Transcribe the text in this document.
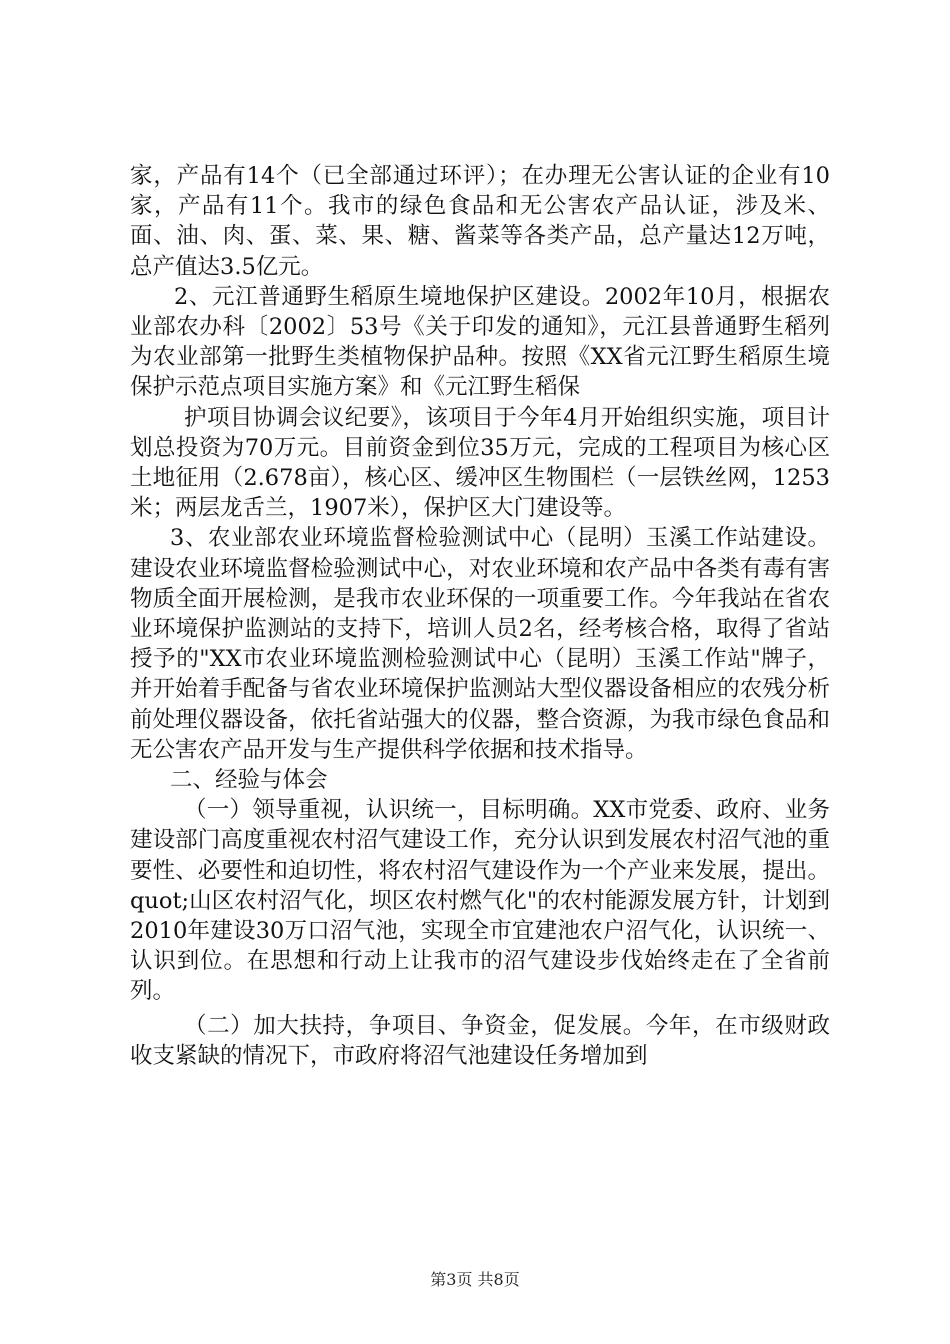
家，产品有14个（已全部通过环评）；在办理无公害认证的企业有10家，产品有11个。我市的绿色食品和无公害农产品认证，涉及米、面、油、肉、蛋、菜、果、糖、酱菜等各类产品，总产量达12万吨，总产值达3.5亿元。

2、元江普通野生稻原生境地保护区建设。2002年10月，根据农业部农办科〔2002〕53号《关于印发的通知》，元江县普通野生稻列为农业部第一批野生类植物保护品种。按照《XX省元江野生稻原生境保护示范点项目实施方案》和《元江野生稻保

护项目协调会议纪要》，该项目于今年4月开始组织实施，项目计划总投资为70万元。目前资金到位35万元，完成的工程项目为核心区土地征用（2.678亩），核心区、缓冲区生物围栏（一层铁丝网，1253米；两层龙舌兰，1907米），保护区大门建设等。

3、农业部农业环境监督检验测试中心（昆明）玉溪工作站建设。建设农业环境监督检验测试中心，对农业环境和农产品中各类有毒有害物质全面开展检测，是我市农业环保的一项重要工作。今年我站在省农业环境保护监测站的支持下，培训人员2名，经考核合格，取得了省站授予的"XX市农业环境监测检验测试中心（昆明）玉溪工作站"牌子，并开始着手配备与省农业环境保护监测站大型仪器设备相应的农残分析前处理仪器设备，依托省站强大的仪器，整合资源，为我市绿色食品和无公害农产品开发与生产提供科学依据和技术指导。

二、经验与体会

（一）领导重视，认识统一，目标明确。XX市党委、政府、业务建设部门高度重视农村沼气建设工作，充分认识到发展农村沼气池的重要性、必要性和迫切性，将农村沼气建设作为一个产业来发展，提出。quot;山区农村沼气化，坝区农村燃气化"的农村能源发展方针，计划到2010年建设30万口沼气池，实现全市宜建池农户沼气化，认识统一、认识到位。在思想和行动上让我市的沼气建设步伐始终走在了全省前列。

（二）加大扶持，争项目、争资金，促发展。今年，在市级财政收支紧缺的情况下，市政府将沼气池建设任务增加到

第3页 共8页
